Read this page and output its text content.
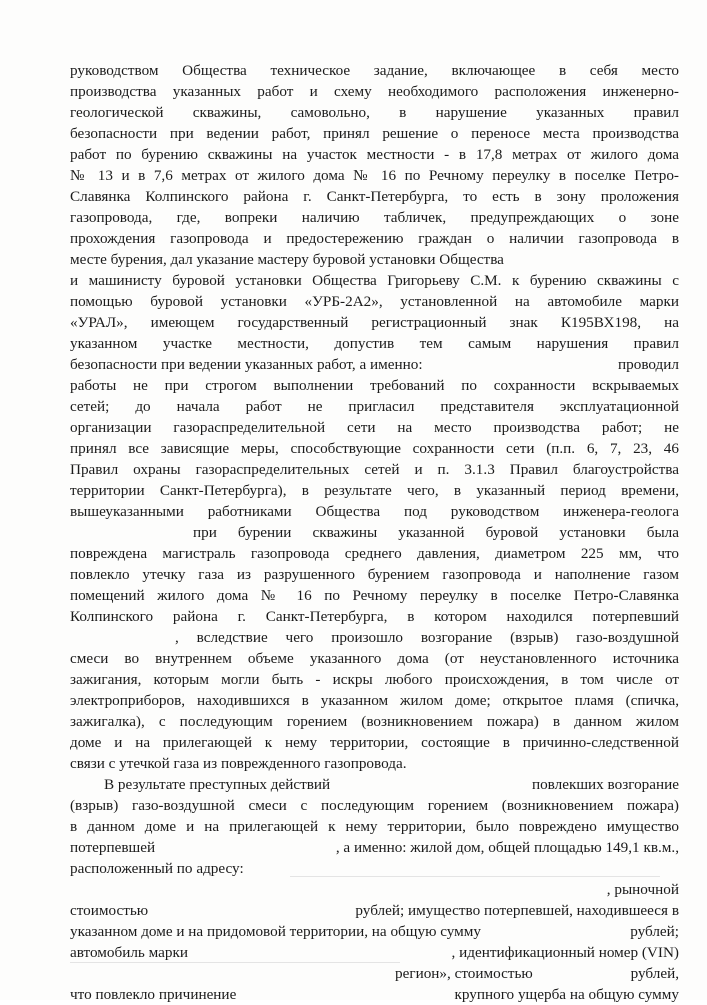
руководством Общества техническое задание, включающее в себя место
производства указанных работ и схему необходимого расположения инженерно-
геологической скважины, самовольно, в нарушение указанных правил
безопасности при ведении работ, принял решение о переносе места производства
работ по бурению скважины на участок местности - в 17,8 метрах от жилого дома
№ 13 и в 7,6 метрах от жилого дома № 16 по Речному переулку в поселке Петро-
Славянка Колпинского района г. Санкт-Петербурга, то есть в зону проложения
газопровода, где, вопреки наличию табличек, предупреждающих о зоне
прохождения газопровода и предостережению граждан о наличии газопровода в
месте бурения, дал указание мастеру буровой установки Общества
и машинисту буровой установки Общества Григорьеву С.М. к бурению скважины с
помощью буровой установки «УРБ-2А2», установленной на автомобиле марки
«УРАЛ», имеющем государственный регистрационный знак К195ВХ198, на
указанном участке местности, допустив тем самым нарушения правил
безопасности при ведении указанных работ, а именно:	проводил
работы не при строгом выполнении требований по сохранности вскрываемых
сетей; до начала работ не пригласил представителя эксплуатационной
организации газораспределительной сети на место производства работ; не
принял все зависящие меры, способствующие сохранности сети (п.п. 6, 7, 23, 46
Правил охраны газораспределительных сетей и п. 3.1.3 Правил благоустройства
территории Санкт-Петербурга), в результате чего, в указанный период времени,
вышеуказанными работниками Общества под руководством инженера-геолога
при бурении скважины указанной буровой установки была
повреждена магистраль газопровода среднего давления, диаметром 225 мм, что
повлекло утечку газа из разрушенного бурением газопровода и наполнение газом
помещений жилого дома № 16 по Речному переулку в поселке Петро-Славянка
Колпинского района г. Санкт-Петербурга, в котором находился потерпевший
, вследствие чего произошло возгорание (взрыв) газо-воздушной
смеси во внутреннем объеме указанного дома (от неустановленного источника
зажигания, которым могли быть - искры любого происхождения, в том числе от
электроприборов, находившихся в указанном жилом доме; открытое пламя (спичка,
зажигалка), с последующим горением (возникновением пожара) в данном жилом
доме и на прилегающей к нему территории, состоящие в причинно-следственной
связи с утечкой газа из поврежденного газопровода.
В результате преступных действий	повлекших возгорание
(взрыв) газо-воздушной смеси с последующим горением (возникновением пожара)
в данном доме и на прилегающей к нему территории, было повреждено имущество
потерпевшей	, а именно: жилой дом, общей площадью 149,1 кв.м.,
расположенный по адресу:
, рыночной
стоимостью	рублей; имущество потерпевшей, находившееся в
указанном доме и на придомовой территории, на общую сумму	рублей;
автомобиль марки	, идентификационный номер (VIN)
регион», стоимостью	рублей,
что повлекло причинение	крупного ущерба на общую сумму
